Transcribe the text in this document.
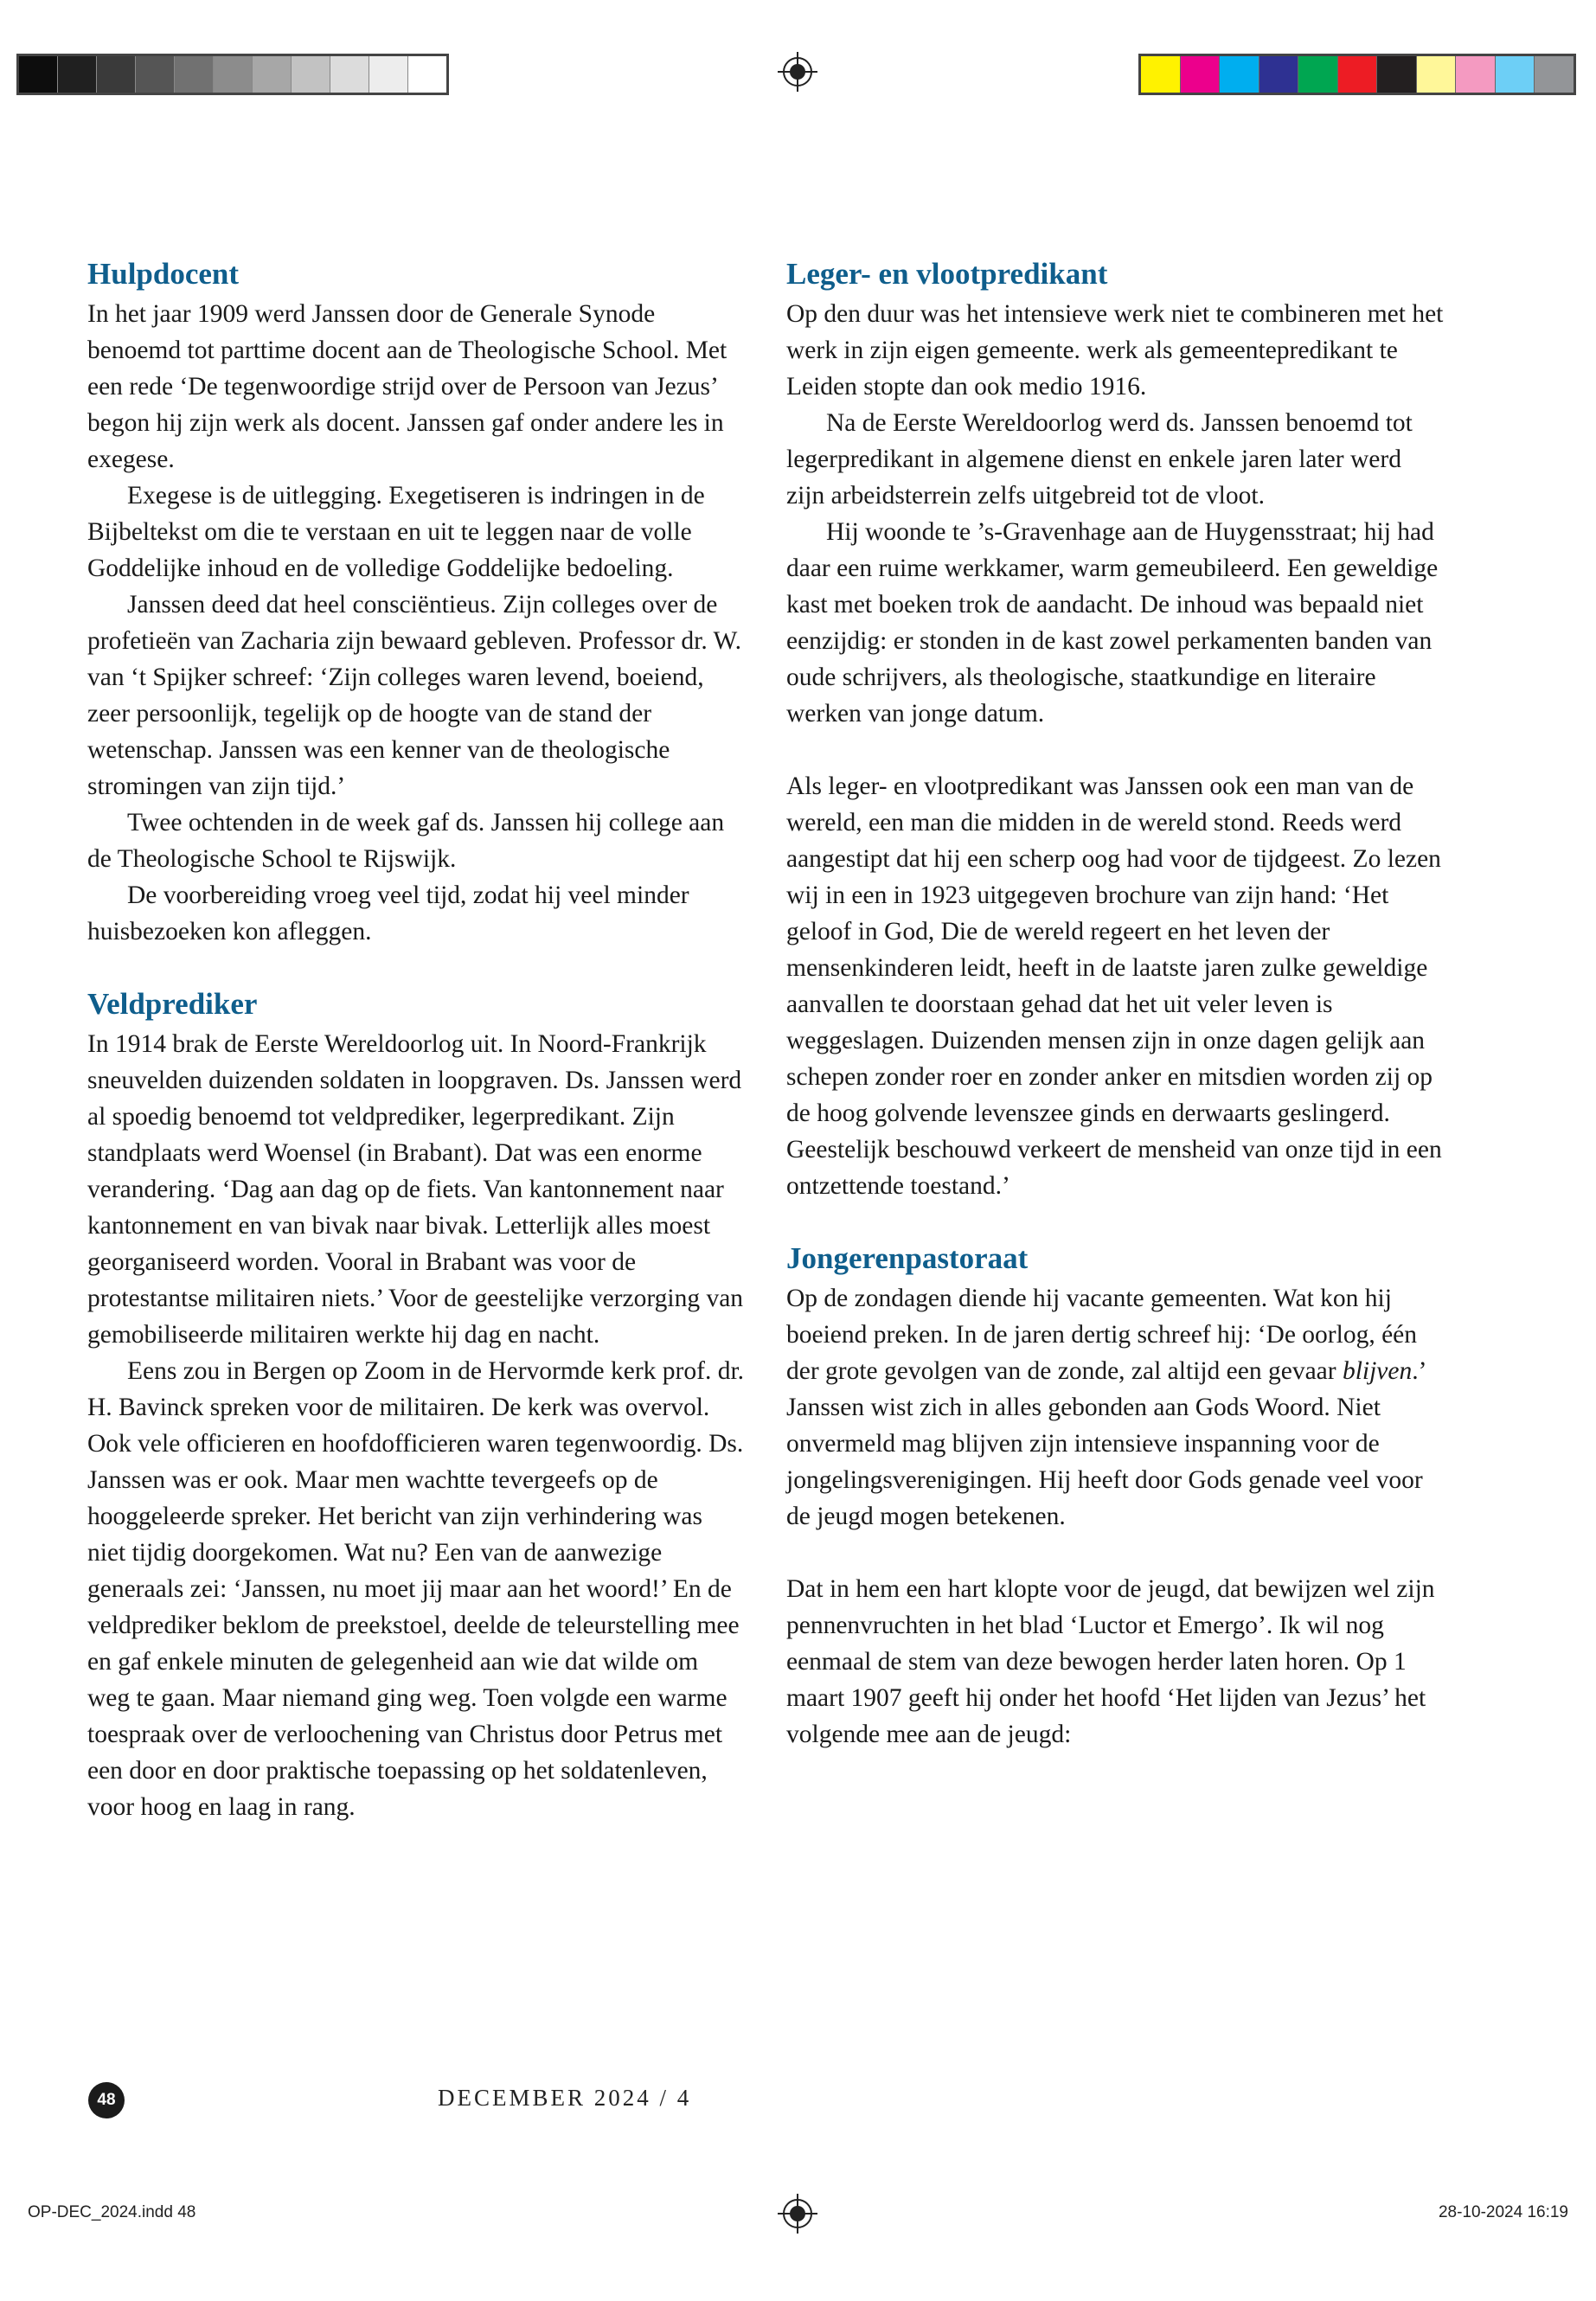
Hulpdocent

In het jaar 1909 werd Janssen door de Generale Synode benoemd tot parttime docent aan de Theologische School. Met een rede ‘De tegenwoordige strijd over de Persoon van Jezus’ begon hij zijn werk als docent. Janssen gaf onder andere les in exegese.

Exegese is de uitlegging. Exegetiseren is indringen in de Bijbeltekst om die te verstaan en uit te leggen naar de volle Goddelijke inhoud en de volledige Goddelijke bedoeling.

Janssen deed dat heel consciëntieus. Zijn colleges over de profetieën van Zacharia zijn bewaard gebleven. Professor dr. W. van ‘t Spijker schreef: ‘Zijn colleges waren levend, boeiend, zeer persoonlijk, tegelijk op de hoogte van de stand der wetenschap. Janssen was een kenner van de theologische stromingen van zijn tijd.’

Twee ochtenden in de week gaf ds. Janssen hij college aan de Theologische School te Rijswijk.

De voorbereiding vroeg veel tijd, zodat hij veel minder huisbezoeken kon afleggen.

Veldprediker

In 1914 brak de Eerste Wereldoorlog uit. In Noord-Frankrijk sneuvelden duizenden soldaten in loopgraven. Ds. Janssen werd al spoedig benoemd tot veldprediker, legerpredikant. Zijn standplaats werd Woensel (in Brabant). Dat was een enorme verandering. ‘Dag aan dag op de fiets. Van kantonnement naar kantonnement en van bivak naar bivak. Letterlijk alles moest georganiseerd worden. Vooral in Brabant was voor de protestantse militairen niets.’ Voor de geestelijke verzorging van gemobiliseerde militairen werkte hij dag en nacht.

Eens zou in Bergen op Zoom in de Hervormde kerk prof. dr. H. Bavinck spreken voor de militairen. De kerk was overvol. Ook vele officieren en hoofdofficieren waren tegenwoordig. Ds. Janssen was er ook. Maar men wachtte tevergeefs op de hooggeleerde spreker. Het bericht van zijn verhindering was niet tijdig doorgekomen. Wat nu? Een van de aanwezige generaals zei: ‘Janssen, nu moet jij maar aan het woord!’ En de veldprediker beklom de preekstoel, deelde de teleurstelling mee en gaf enkele minuten de gelegenheid aan wie dat wilde om weg te gaan. Maar niemand ging weg. Toen volgde een warme toespraak over de verloochening van Christus door Petrus met een door en door praktische toepassing op het soldatenleven, voor hoog en laag in rang.

Leger- en vlootpredikant

Op den duur was het intensieve werk niet te combineren met het werk in zijn eigen gemeente. werk als gemeentepredikant te Leiden stopte dan ook medio 1916.

Na de Eerste Wereldoorlog werd ds. Janssen benoemd tot legerpredikant in algemene dienst en enkele jaren later werd zijn arbeidsterrein zelfs uitgebreid tot de vloot.

Hij woonde te ’s-Gravenhage aan de Huygensstraat; hij had daar een ruime werkkamer, warm gemeubileerd. Een geweldige kast met boeken trok de aandacht. De inhoud was bepaald niet eenzijdig: er stonden in de kast zowel perkamenten banden van oude schrijvers, als theologische, staatkundige en literaire werken van jonge datum.

Als leger- en vlootpredikant was Janssen ook een man van de wereld, een man die midden in de wereld stond. Reeds werd aangestipt dat hij een scherp oog had voor de tijdgeest. Zo lezen wij in een in 1923 uitgegeven brochure van zijn hand: ‘Het geloof in God, Die de wereld regeert en het leven der mensenkinderen leidt, heeft in de laatste jaren zulke geweldige aanvallen te doorstaan gehad dat het uit veler leven is weggeslagen. Duizenden mensen zijn in onze dagen gelijk aan schepen zonder roer en zonder anker en mitsdien worden zij op de hoog golvende levenszee ginds en derwaarts geslingerd. Geestelijk beschouwd verkeert de mensheid van onze tijd in een ontzettende toestand.’

Jongerenpastoraat

Op de zondagen diende hij vacante gemeenten. Wat kon hij boeiend preken. In de jaren dertig schreef hij: ‘De oorlog, één der grote gevolgen van de zonde, zal altijd een gevaar blijven.’ Janssen wist zich in alles gebonden aan Gods Woord. Niet onvermeld mag blijven zijn intensieve inspanning voor de jongelingsverenigingen. Hij heeft door Gods genade veel voor de jeugd mogen betekenen.

Dat in hem een hart klopte voor de jeugd, dat bewijzen wel zijn pennenvruchten in het blad ‘Luctor et Emergo’. Ik wil nog eenmaal de stem van deze bewogen herder laten horen. Op 1 maart 1907 geeft hij onder het hoofd ‘Het lijden van Jezus’ het volgende mee aan de jeugd:

48	DECEMBER 2024 / 4
OP-DEC_2024.indd 48	28-10-2024 16:19
